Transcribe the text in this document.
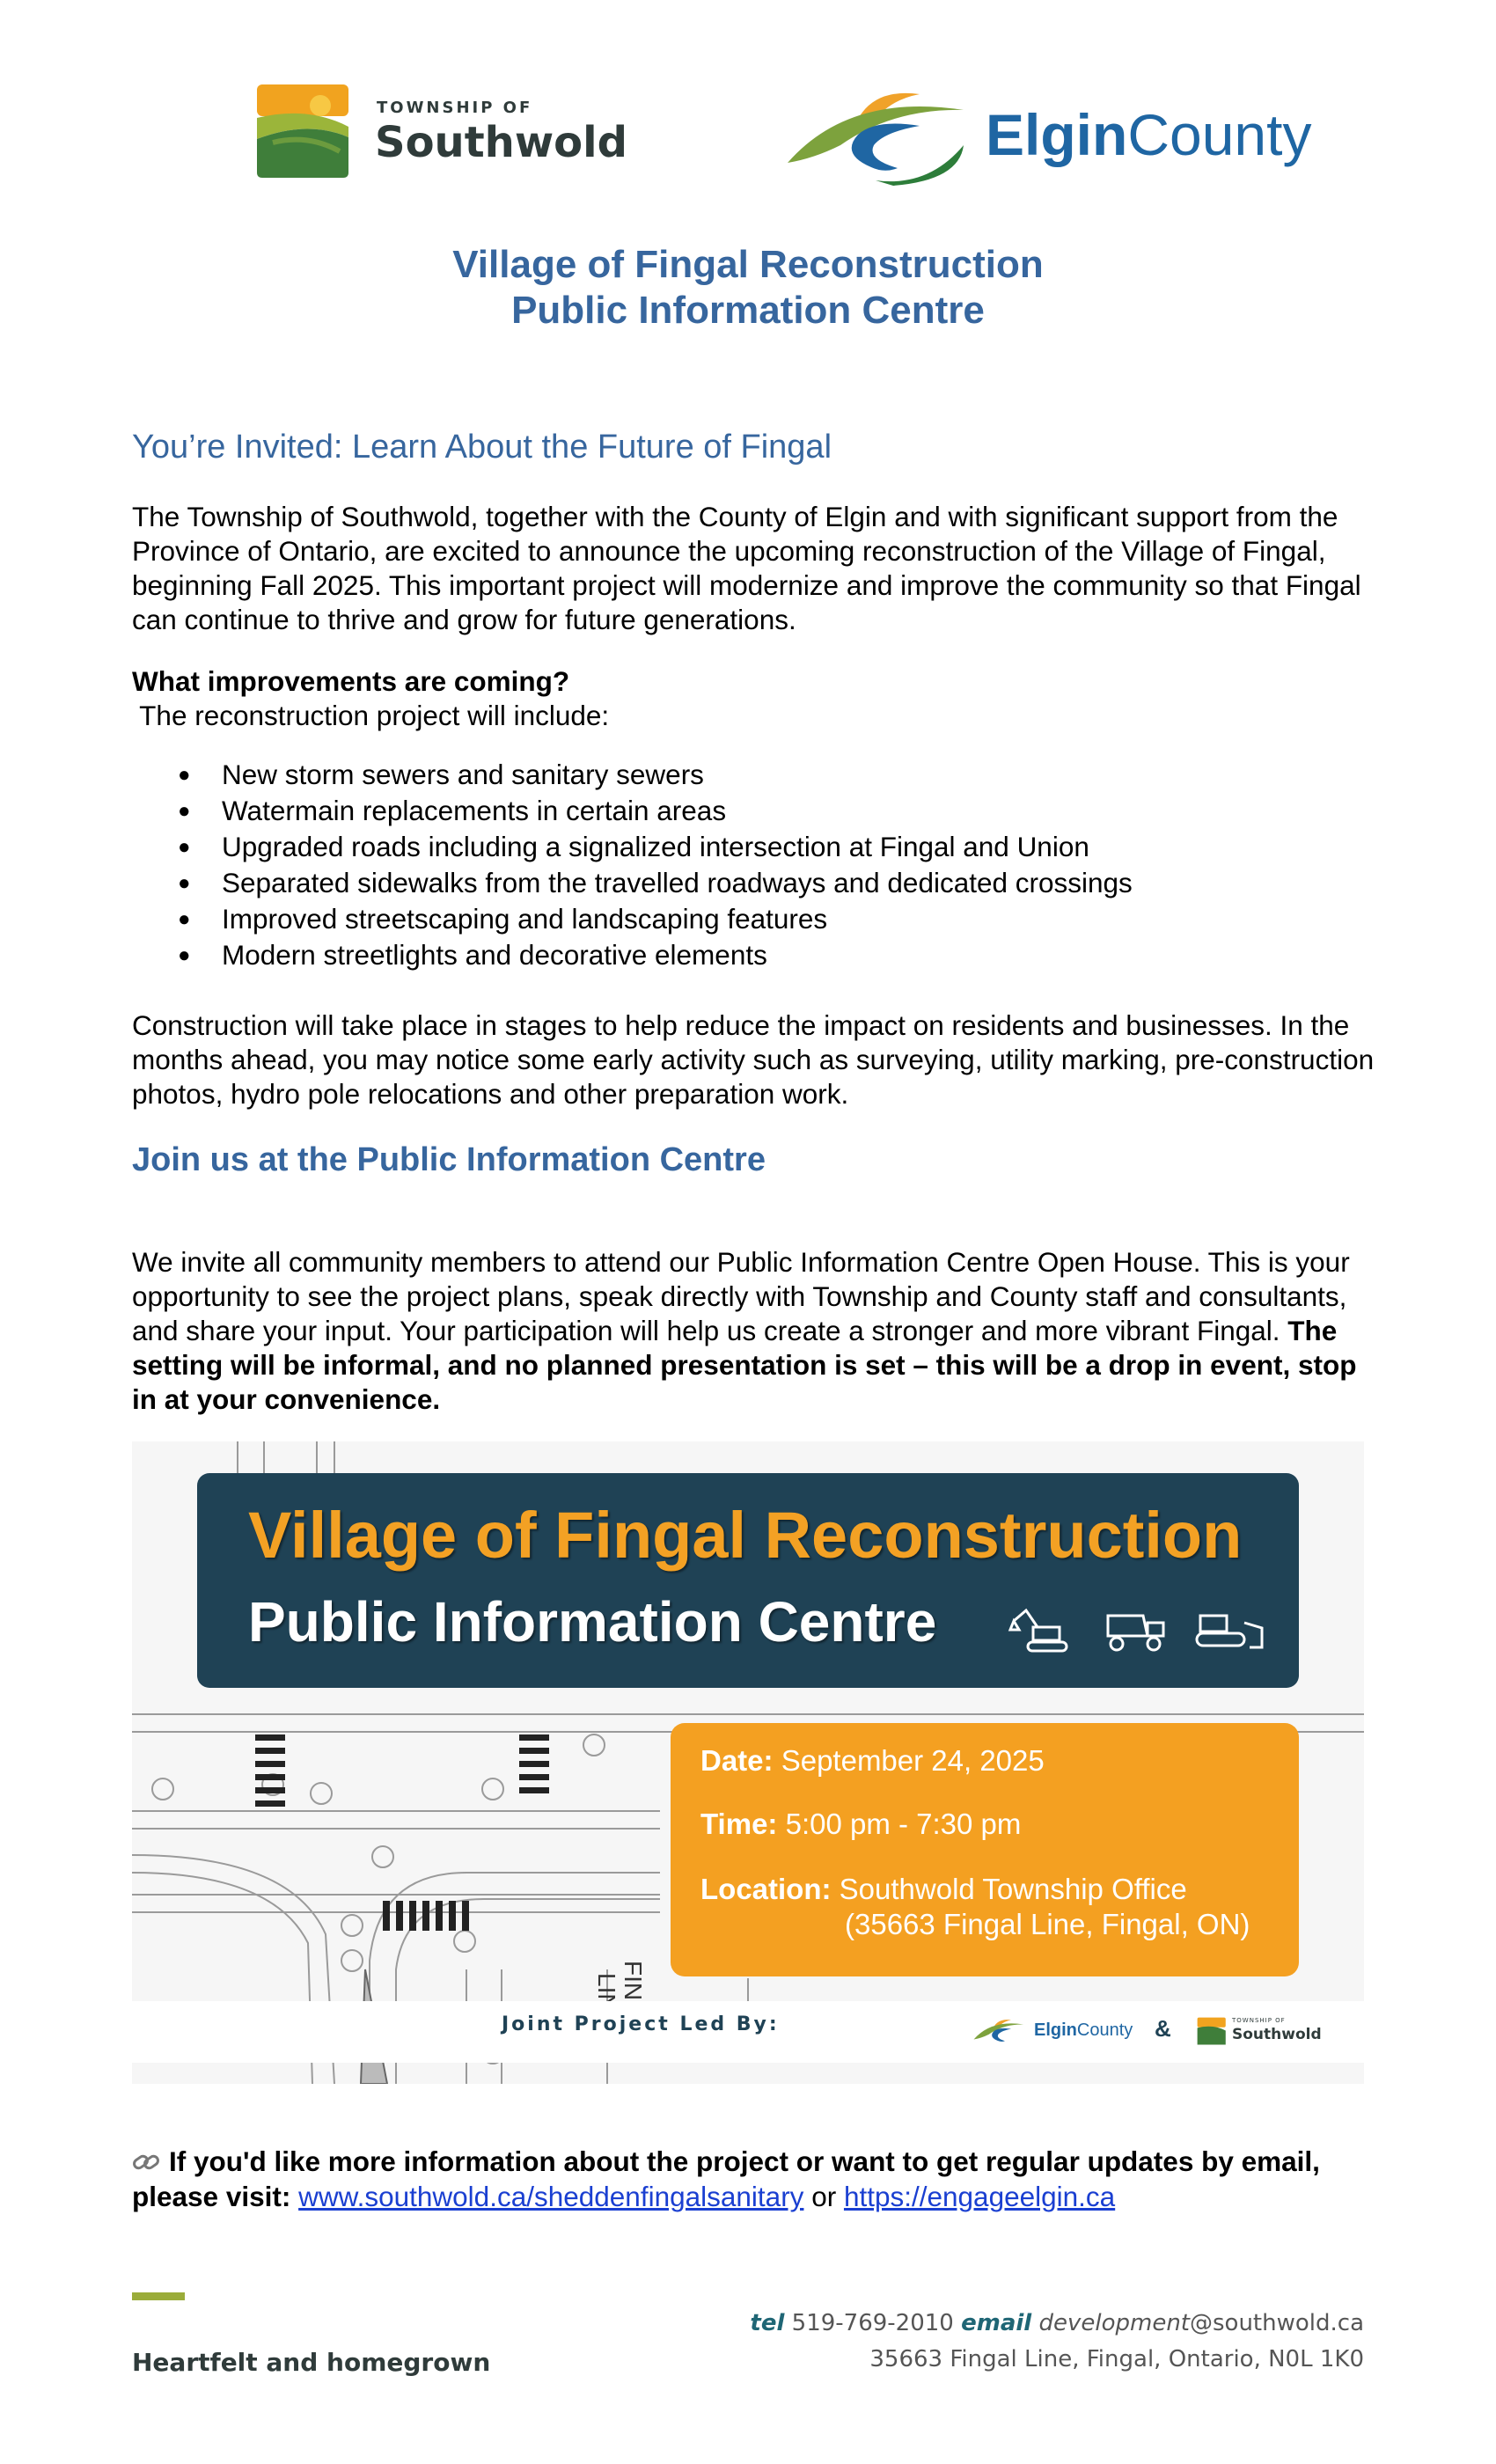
TOWNSHIP OF
Southwold	ElginCounty
Village of Fingal Reconstruction
Public Information Centre
You’re Invited: Learn About the Future of Fingal

The Township of Southwold, together with the County of Elgin and with significant support from the Province of Ontario, are excited to announce the upcoming reconstruction of the Village of Fingal, beginning Fall 2025. This important project will modernize and improve the community so that Fingal can continue to thrive and grow for future generations.

What improvements are coming?
The reconstruction project will include:

● New storm sewers and sanitary sewers
● Watermain replacements in certain areas
● Upgraded roads including a signalized intersection at Fingal and Union
● Separated sidewalks from the travelled roadways and dedicated crossings
● Improved streetscaping and landscaping features
● Modern streetlights and decorative elements

Construction will take place in stages to help reduce the impact on residents and businesses. In the months ahead, you may notice some early activity such as surveying, utility marking, pre-construction photos, hydro pole relocations and other preparation work.

Join us at the Public Information Centre

We invite all community members to attend our Public Information Centre Open House. This is your opportunity to see the project plans, speak directly with Township and County staff and consultants, and share your input. Your participation will help us create a stronger and more vibrant Fingal. The setting will be informal, and no planned presentation is set – this will be a drop in event, stop in at your convenience.

Village of Fingal Reconstruction
Public Information Centre
Date: September 24, 2025
Time: 5:00 pm - 7:30 pm
Location: Southwold Township Office
(35663 Fingal Line, Fingal, ON)
Joint Project Led By:	ElginCounty &	TOWNSHIP OF
Southwold
If you'd like more information about the project or want to get regular updates by email, please visit: www.southwold.ca/sheddenfingalsanitary or https://engageelgin.ca
Heartfelt and homegrown
tel 519-769-2010 email development@southwold.ca
35663 Fingal Line, Fingal, Ontario, N0L 1K0
